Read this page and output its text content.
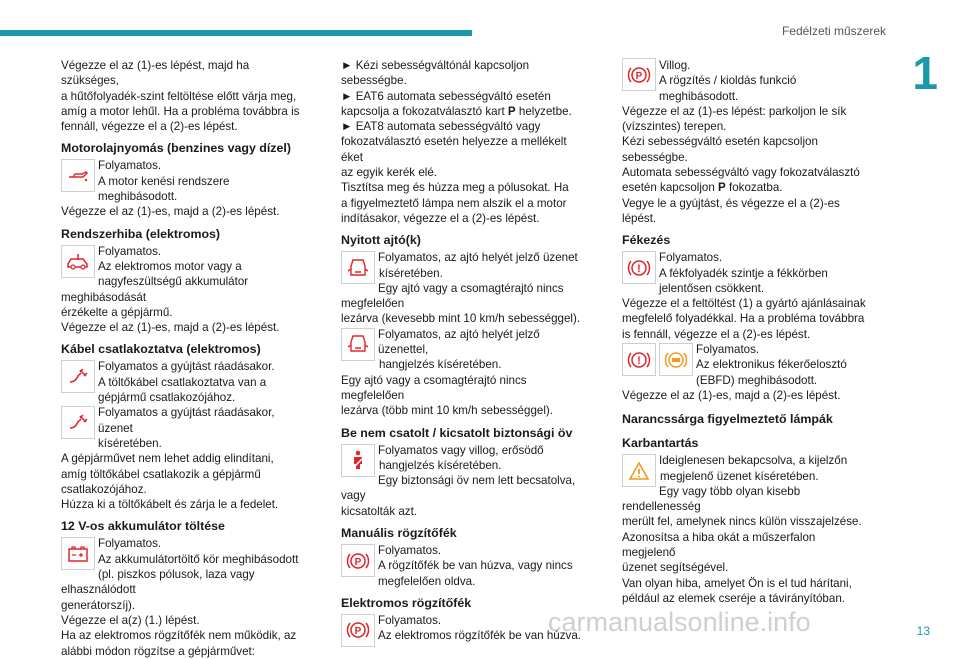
Fedélzeti műszerek
1
13
carmanualsonline.info

Végezze el az (1)-es lépést, majd ha szükséges,

a hűtőfolyadék-szint feltöltése előtt várja meg,

amíg a motor lehűl. Ha a probléma továbbra is

fennáll, végezze el a (2)-es lépést.

Motorolajnyomás (benzines vagy dízel)

Folyamatos.

A motor kenési rendszere meghibásodott.

Végezze el az (1)-es, majd a (2)-es lépést.

Rendszerhiba (elektromos)

Folyamatos.

Az elektromos motor vagy a

nagyfeszültségű akkumulátor meghibásodását

érzékelte a gépjármű.

Végezze el az (1)-es, majd a (2)-es lépést.

Kábel csatlakoztatva (elektromos)

Folyamatos a gyújtást ráadásakor.

A töltőkábel csatlakoztatva van a

gépjármű csatlakozójához.

Folyamatos a gyújtást ráadásakor, üzenet

kíséretében.

A gépjárművet nem lehet addig elindítani,

amíg töltőkábel csatlakozik a gépjármű

csatlakozójához.

Húzza ki a töltőkábelt és zárja le a fedelet.

12 V-os akkumulátor töltése

Folyamatos.

Az akkumulátortöltő kör meghibásodott

(pl. piszkos pólusok, laza vagy elhasználódott

generátorszíj).

Végezze el a(z) (1.) lépést.

Ha az elektromos rögzítőfék nem működik, az

alábbi módon rögzítse a gépjárművet:

► Kézi sebességváltónál kapcsoljon

sebességbe.

► EAT6 automata sebességváltó esetén

kapcsolja a fokozatválasztó kart P helyzetbe.

► EAT8 automata sebességváltó vagy

fokozatválasztó esetén helyezze a mellékelt éket

az egyik kerék elé.

Tisztítsa meg és húzza meg a pólusokat. Ha

a figyelmeztető lámpa nem alszik el a motor

indításakor, végezze el a (2)-es lépést.

Nyitott ajtó(k)

Folyamatos, az ajtó helyét jelző üzenet

kíséretében.

Egy ajtó vagy a csomagtérajtó nincs megfelelően

lezárva (kevesebb mint 10 km/h sebességgel).

Folyamatos, az ajtó helyét jelző üzenettel,

hangjelzés kíséretében.

Egy ajtó vagy a csomagtérajtó nincs megfelelően

lezárva (több mint 10 km/h sebességgel).

Be nem csatolt / kicsatolt biztonsági öv

Folyamatos vagy villog, erősödő

hangjelzés kíséretében.

Egy biztonsági öv nem lett becsatolva, vagy

kicsatolták azt.

Manuális rögzítőfék
P

Folyamatos.

A rögzítőfék be van húzva, vagy nincs

megfelelően oldva.

Elektromos rögzítőfék
P

Folyamatos.

Az elektromos rögzítőfék be van húzva.

P

Villog.

A rögzítés / kioldás funkció

meghibásodott.

Végezze el az (1)-es lépést: parkoljon le sík

(vízszintes) terepen.

Kézi sebességváltó esetén kapcsoljon

sebességbe.

Automata sebességváltó vagy fokozatválasztó

esetén kapcsoljon P fokozatba.

Vegye le a gyújtást, és végezze el a (2)-es

lépést.

Fékezés
!

Folyamatos.

A fékfolyadék szintje a fékkörben

jelentősen csökkent.

Végezze el a feltöltést (1) a gyártó ajánlásainak

megfelelő folyadékkal. Ha a probléma továbbra

is fennáll, végezze el a (2)-es lépést.

!

Folyamatos.

Az elektronikus fékerőelosztó

(EBFD) meghibásodott.

Végezze el az (1)-es, majd a (2)-es lépést.

Narancssárga figyelmeztető lámpák
Karbantartás

Ideiglenesen bekapcsolva, a kijelzőn

megjelenő üzenet kíséretében.

Egy vagy több olyan kisebb rendellenesség

merült fel, amelynek nincs külön visszajelzése.

Azonosítsa a hiba okát a műszerfalon megjelenő

üzenet segítségével.

Van olyan hiba, amelyet Ön is el tud hárítani,

például az elemek cseréje a távirányítóban.
